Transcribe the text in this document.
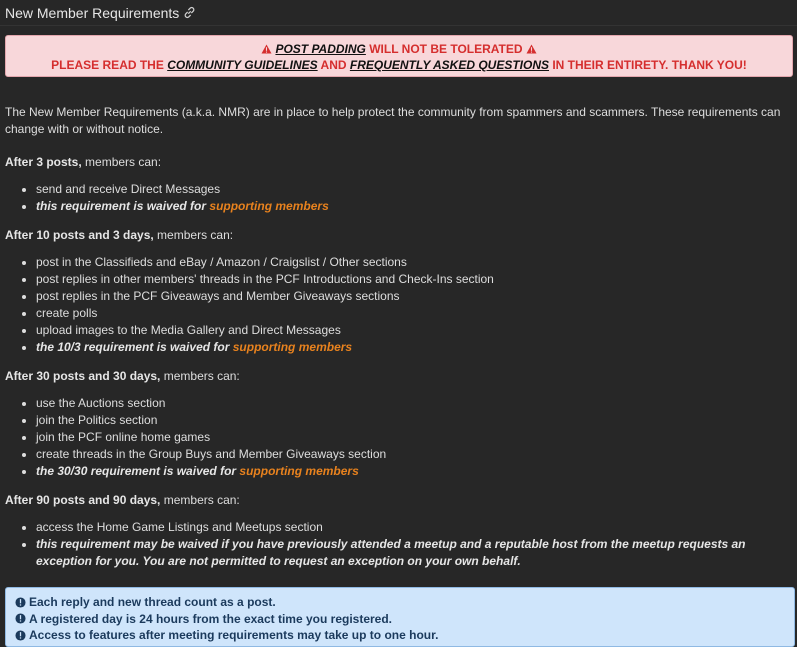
New Member Requirements
POST PADDING WILL NOT BE TOLERATED
PLEASE READ THE COMMUNITY GUIDELINES AND FREQUENTLY ASKED QUESTIONS IN THEIR ENTIRETY. THANK YOU!

The New Member Requirements (a.k.a. NMR) are in place to help protect the community from spammers and scammers. These requirements can change with or without notice.

After 3 posts, members can:

• send and receive Direct Messages
• this requirement is waived for supporting members

After 10 posts and 3 days, members can:

• post in the Classifieds and eBay / Amazon / Craigslist / Other sections
• post replies in other members' threads in the PCF Introductions and Check-Ins section
• post replies in the PCF Giveaways and Member Giveaways sections
• create polls
• upload images to the Media Gallery and Direct Messages
• the 10/3 requirement is waived for supporting members

After 30 posts and 30 days, members can:

• use the Auctions section
• join the Politics section
• join the PCF online home games
• create threads in the Group Buys and Member Giveaways section
• the 30/30 requirement is waived for supporting members

After 90 posts and 90 days, members can:

• access the Home Game Listings and Meetups section
• this requirement may be waived if you have previously attended a meetup and a reputable host from the meetup requests an exception for you. You are not permitted to request an exception on your own behalf.
Each reply and new thread count as a post.
A registered day is 24 hours from the exact time you registered.
Access to features after meeting requirements may take up to one hour.
